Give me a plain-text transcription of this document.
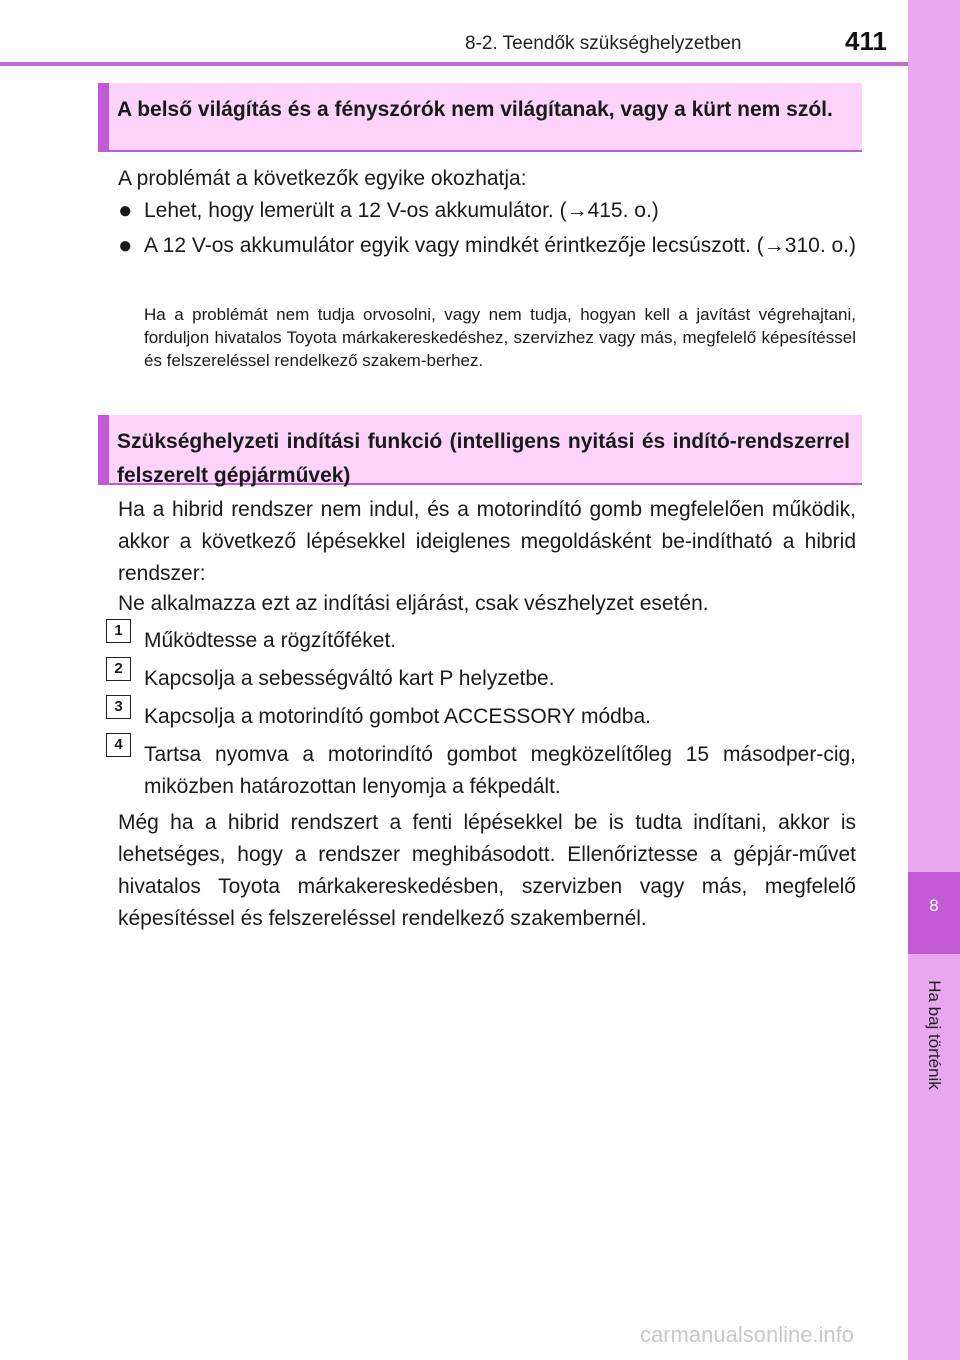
8-2. Teendők szükséghelyzetben	411
8
Ha baj történik
A belső világítás és a fényszórók nem világítanak, vagy a kürt nem szól.
A problémát a következők egyike okozhatja:
● Lehet, hogy lemerült a 12 V-os akkumulátor. (→415. o.)
● A 12 V-os akkumulátor egyik vagy mindkét érintkezője lecsúszott. (→310. o.)
Ha a problémát nem tudja orvosolni, vagy nem tudja, hogyan kell a javítást végrehajtani, forduljon hivatalos Toyota márkakereskedéshez, szervizhez vagy más, megfelelő képesítéssel és felszereléssel rendelkező szakem-berhez.
Szükséghelyzeti indítási funkció (intelligens nyitási és indító-rendszerrel felszerelt gépjárművek)
Ha a hibrid rendszer nem indul, és a motorindító gomb megfelelően működik, akkor a következő lépésekkel ideiglenes megoldásként be-indítható a hibrid rendszer:
Ne alkalmazza ezt az indítási eljárást, csak vészhelyzet esetén.
1	Működtesse a rögzítőféket.
2	Kapcsolja a sebességváltó kart P helyzetbe.
3	Kapcsolja a motorindító gombot ACCESSORY módba.
4	Tartsa nyomva a motorindító gombot megközelítőleg 15 másodper-cig, miközben határozottan lenyomja a fékpedált.
Még ha a hibrid rendszert a fenti lépésekkel be is tudta indítani, akkor is lehetséges, hogy a rendszer meghibásodott. Ellenőriztesse a gépjár-művet hivatalos Toyota márkakereskedésben, szervizben vagy más, megfelelő képesítéssel és felszereléssel rendelkező szakembernél.
carmanualsonline.info
